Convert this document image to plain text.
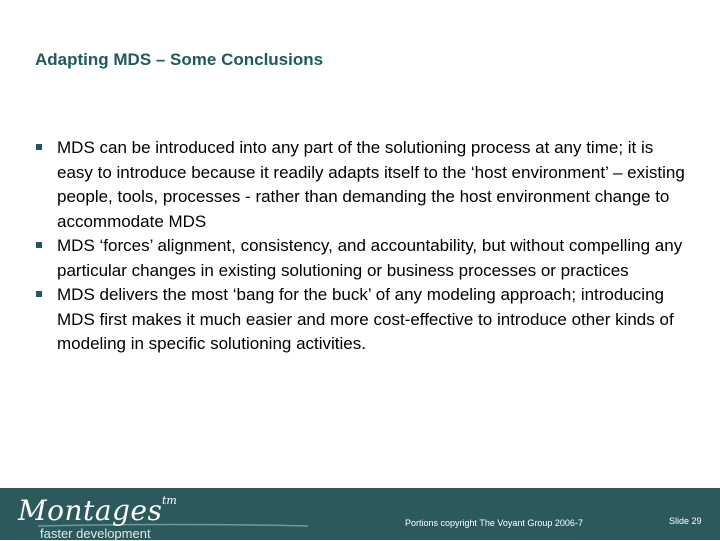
Adapting MDS – Some Conclusions
MDS can be introduced into any part of the solutioning process at any time; it is easy to introduce because it readily adapts itself to the ‘host environment’ – existing people, tools, processes - rather than demanding the host environment change to accommodate MDS
MDS ‘forces’ alignment, consistency, and accountability, but without compelling any particular changes in existing solutioning or business processes or practices
MDS delivers the most ‘bang for the buck’ of any modeling approach; introducing MDS first makes it much easier and more cost-effective to introduce other kinds of modeling in specific solutioning activities.
Montages tm
faster development
Portions copyright The Voyant Group 2006-7	Slide 29
